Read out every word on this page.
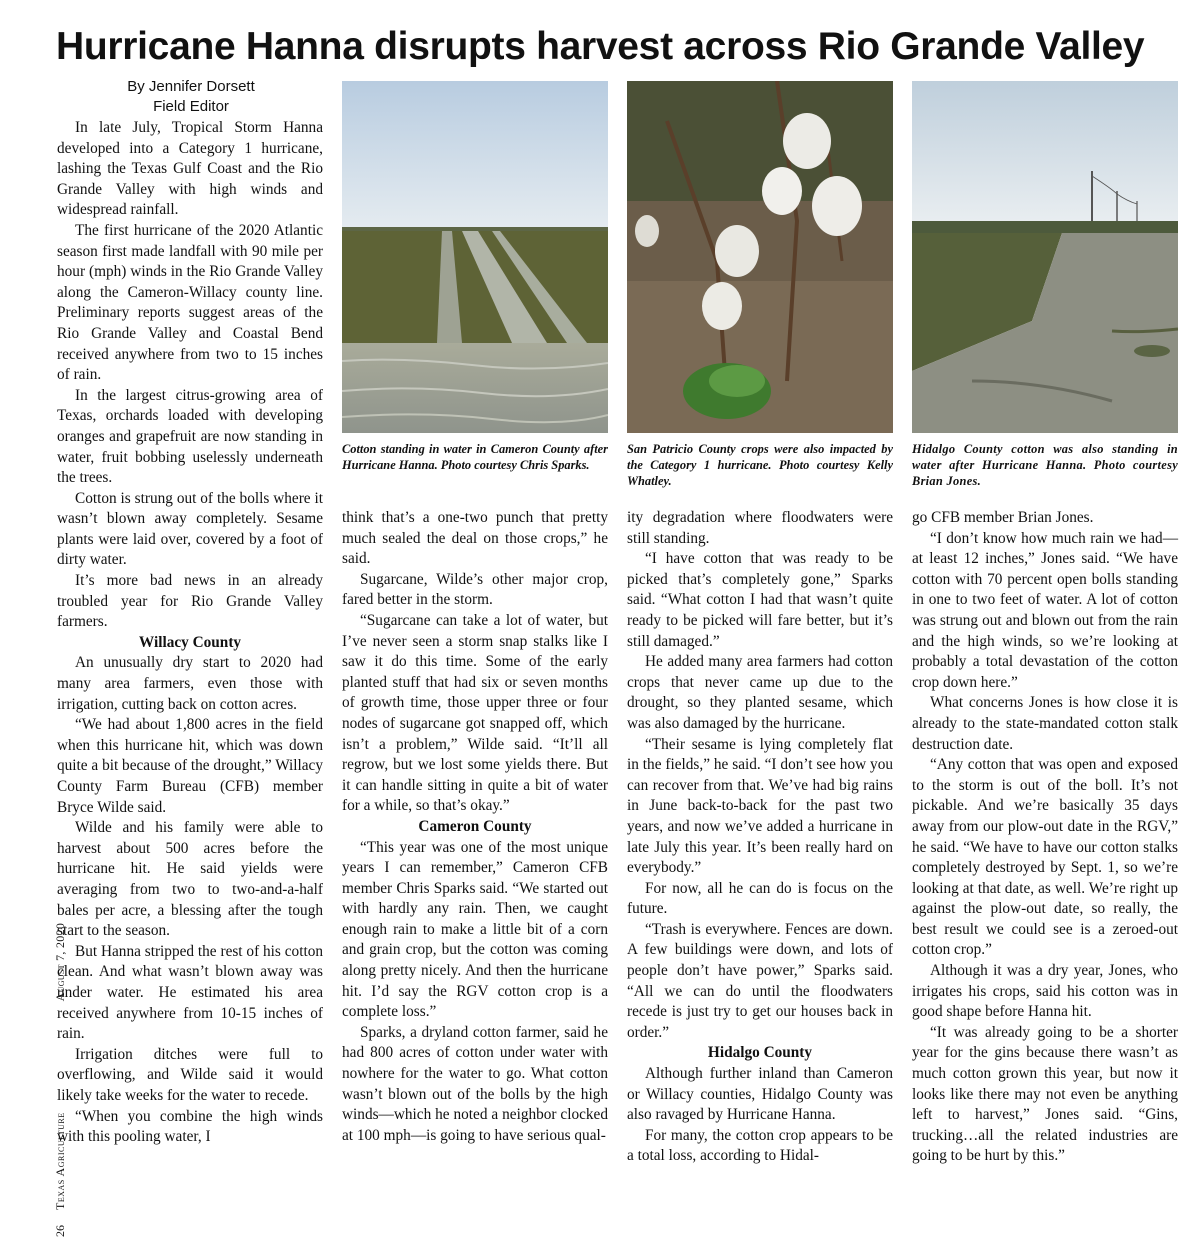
Hurricane Hanna disrupts harvest across Rio Grande Valley
By Jennifer Dorsett
Field Editor

In late July, Tropical Storm Hanna developed into a Category 1 hurricane, lashing the Texas Gulf Coast and the Rio Grande Valley with high winds and widespread rainfall.

The first hurricane of the 2020 Atlantic season first made landfall with 90 mile per hour (mph) winds in the Rio Grande Valley along the Cameron-Willacy county line. Preliminary reports suggest areas of the Rio Grande Valley and Coastal Bend received anywhere from two to 15 inches of rain.

In the largest citrus-growing area of Texas, orchards loaded with developing oranges and grapefruit are now standing in water, fruit bobbing uselessly underneath the trees.

Cotton is strung out of the bolls where it wasn’t blown away completely. Sesame plants were laid over, covered by a foot of dirty water.

It’s more bad news in an already troubled year for Rio Grande Valley farmers.

Willacy County

An unusually dry start to 2020 had many area farmers, even those with irrigation, cutting back on cotton acres.

“We had about 1,800 acres in the field when this hurricane hit, which was down quite a bit because of the drought,” Willacy County Farm Bureau (CFB) member Bryce Wilde said.

Wilde and his family were able to harvest about 500 acres before the hurricane hit. He said yields were averaging from two to two-and-a-half bales per acre, a blessing after the tough start to the season.

But Hanna stripped the rest of his cotton clean. And what wasn’t blown away was under water. He estimated his area received anywhere from 10-15 inches of rain.

Irrigation ditches were full to overflowing, and Wilde said it would likely take weeks for the water to recede.

“When you combine the high winds with this pooling water, I

Cotton standing in water in Cameron County after Hurricane Hanna. Photo courtesy Chris Sparks.
San Patricio County crops were also impacted by the Category 1 hurricane. Photo courtesy Kelly Whatley.
Hidalgo County cotton was also standing in water after Hurricane Hanna. Photo courtesy Brian Jones.

think that’s a one-two punch that pretty much sealed the deal on those crops,” he said.

Sugarcane, Wilde’s other major crop, fared better in the storm.

“Sugarcane can take a lot of water, but I’ve never seen a storm snap stalks like I saw it do this time. Some of the early planted stuff that had six or seven months of growth time, those upper three or four nodes of sugarcane got snapped off, which isn’t a problem,” Wilde said. “It’ll all regrow, but we lost some yields there. But it can handle sitting in quite a bit of water for a while, so that’s okay.”

Cameron County

“This year was one of the most unique years I can remember,” Cameron CFB member Chris Sparks said. “We started out with hardly any rain. Then, we caught enough rain to make a little bit of a corn and grain crop, but the cotton was coming along pretty nicely. And then the hurricane hit. I’d say the RGV cotton crop is a complete loss.”

Sparks, a dryland cotton farmer, said he had 800 acres of cotton under water with nowhere for the water to go. What cotton wasn’t blown out of the bolls by the high winds—which he noted a neighbor clocked at 100 mph—is going to have serious qual-

ity degradation where floodwaters were still standing.

“I have cotton that was ready to be picked that’s completely gone,” Sparks said. “What cotton I had that wasn’t quite ready to be picked will fare better, but it’s still damaged.”

He added many area farmers had cotton crops that never came up due to the drought, so they planted sesame, which was also damaged by the hurricane.

“Their sesame is lying completely flat in the fields,” he said. “I don’t see how you can recover from that. We’ve had big rains in June back-to-back for the past two years, and now we’ve added a hurricane in late July this year. It’s been really hard on everybody.”

For now, all he can do is focus on the future.

“Trash is everywhere. Fences are down. A few buildings were down, and lots of people don’t have power,” Sparks said. “All we can do until the floodwaters recede is just try to get our houses back in order.”

Hidalgo County

Although further inland than Cameron or Willacy counties, Hidalgo County was also ravaged by Hurricane Hanna.

For many, the cotton crop appears to be a total loss, according to Hidal-

go CFB member Brian Jones.

“I don’t know how much rain we had—at least 12 inches,” Jones said. “We have cotton with 70 percent open bolls standing in one to two feet of water. A lot of cotton was strung out and blown out from the rain and the high winds, so we’re looking at probably a total devastation of the cotton crop down here.”

What concerns Jones is how close it is already to the state-mandated cotton stalk destruction date.

“Any cotton that was open and exposed to the storm is out of the boll. It’s not pickable. And we’re basically 35 days away from our plow-out date in the RGV,” he said. “We have to have our cotton stalks completely destroyed by Sept. 1, so we’re looking at that date, as well. We’re right up against the plow-out date, so really, the best result we could see is a zeroed-out cotton crop.”

Although it was a dry year, Jones, who irrigates his crops, said his cotton was in good shape before Hanna hit.

“It was already going to be a shorter year for the gins because there wasn’t as much cotton grown this year, but now it looks like there may not even be anything left to harvest,” Jones said. “Gins, trucking…all the related industries are going to be hurt by this.”

26 Texas Agriculture August 7, 2020
